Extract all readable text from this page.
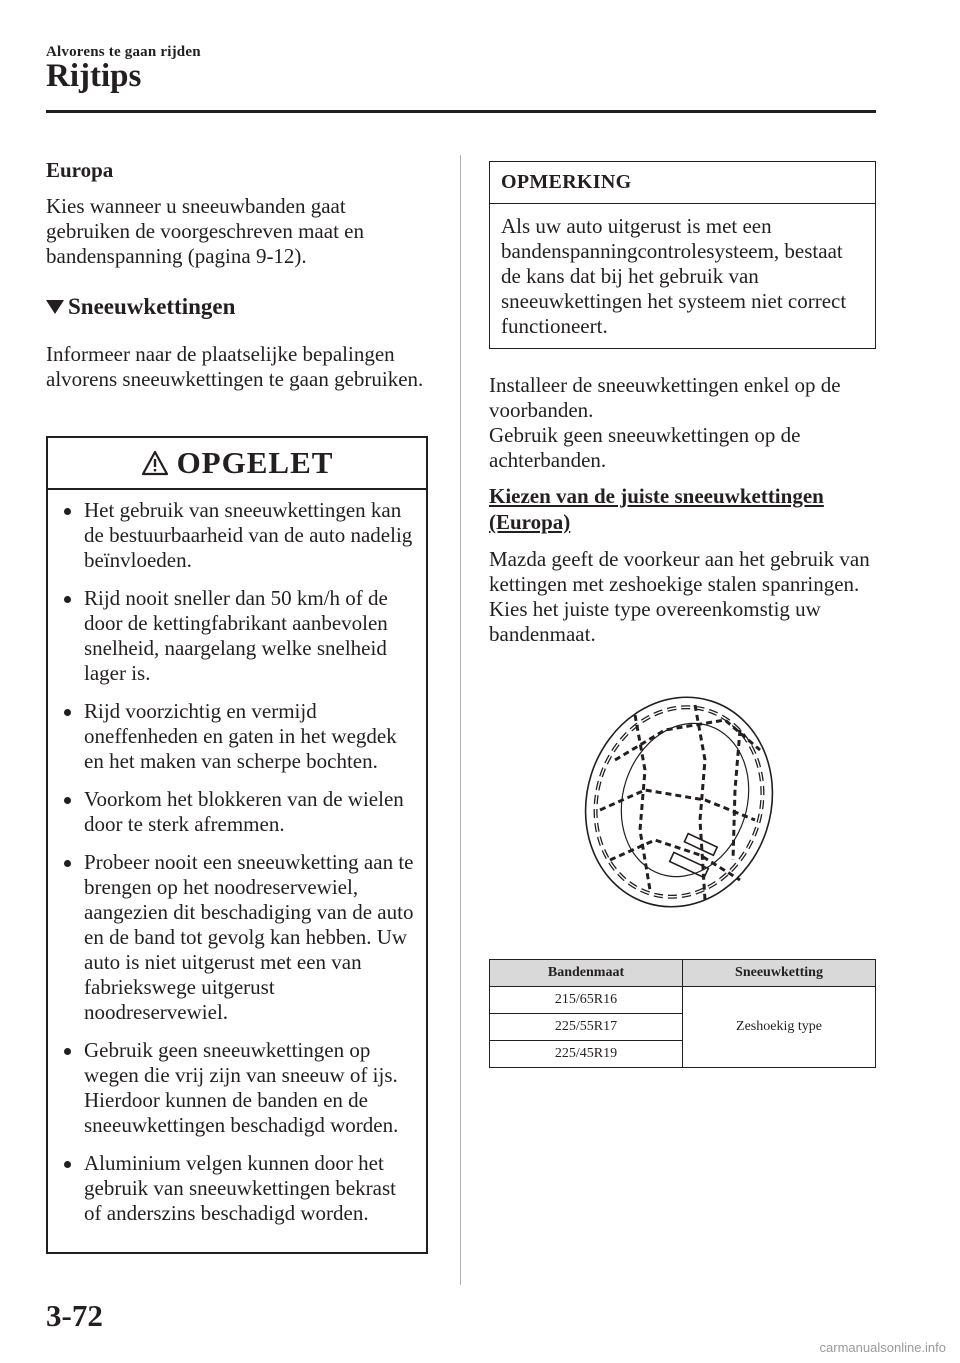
Alvorens te gaan rijden
Rijtips

Europa

Kies wanneer u sneeuwbanden gaat gebruiken de voorgeschreven maat en bandenspanning (pagina 9-12).

Sneeuwkettingen

Informeer naar de plaatselijke bepalingen alvorens sneeuwkettingen te gaan gebruiken.

OPGELET
Het gebruik van sneeuwkettingen kan de bestuurbaarheid van de auto nadelig beïnvloeden.
Rijd nooit sneller dan 50 km/h of de door de kettingfabrikant aanbevolen snelheid, naargelang welke snelheid lager is.
Rijd voorzichtig en vermijd oneffenheden en gaten in het wegdek en het maken van scherpe bochten.
Voorkom het blokkeren van de wielen door te sterk afremmen.
Probeer nooit een sneeuwketting aan te brengen op het noodreservewiel, aangezien dit beschadiging van de auto en de band tot gevolg kan hebben. Uw auto is niet uitgerust met een van fabriekswege uitgerust noodreservewiel.
Gebruik geen sneeuwkettingen op wegen die vrij zijn van sneeuw of ijs. Hierdoor kunnen de banden en de sneeuwkettingen beschadigd worden.
Aluminium velgen kunnen door het gebruik van sneeuwkettingen bekrast of anderszins beschadigd worden.
OPMERKING
Als uw auto uitgerust is met een bandenspanningcontrolesysteem, bestaat de kans dat bij het gebruik van sneeuwkettingen het systeem niet correct functioneert.

Installeer de sneeuwkettingen enkel op de voorbanden.

Gebruik geen sneeuwkettingen op de achterbanden.

Kiezen van de juiste sneeuwkettingen (Europa)

Mazda geeft de voorkeur aan het gebruik van kettingen met zeshoekige stalen spanringen. Kies het juiste type overeenkomstig uw bandenmaat.

Bandenmaat	Sneeuwketting
215/65R16	Zeshoekig type
225/55R17	
225/45R19	
3-72
carmanualsonline.info
